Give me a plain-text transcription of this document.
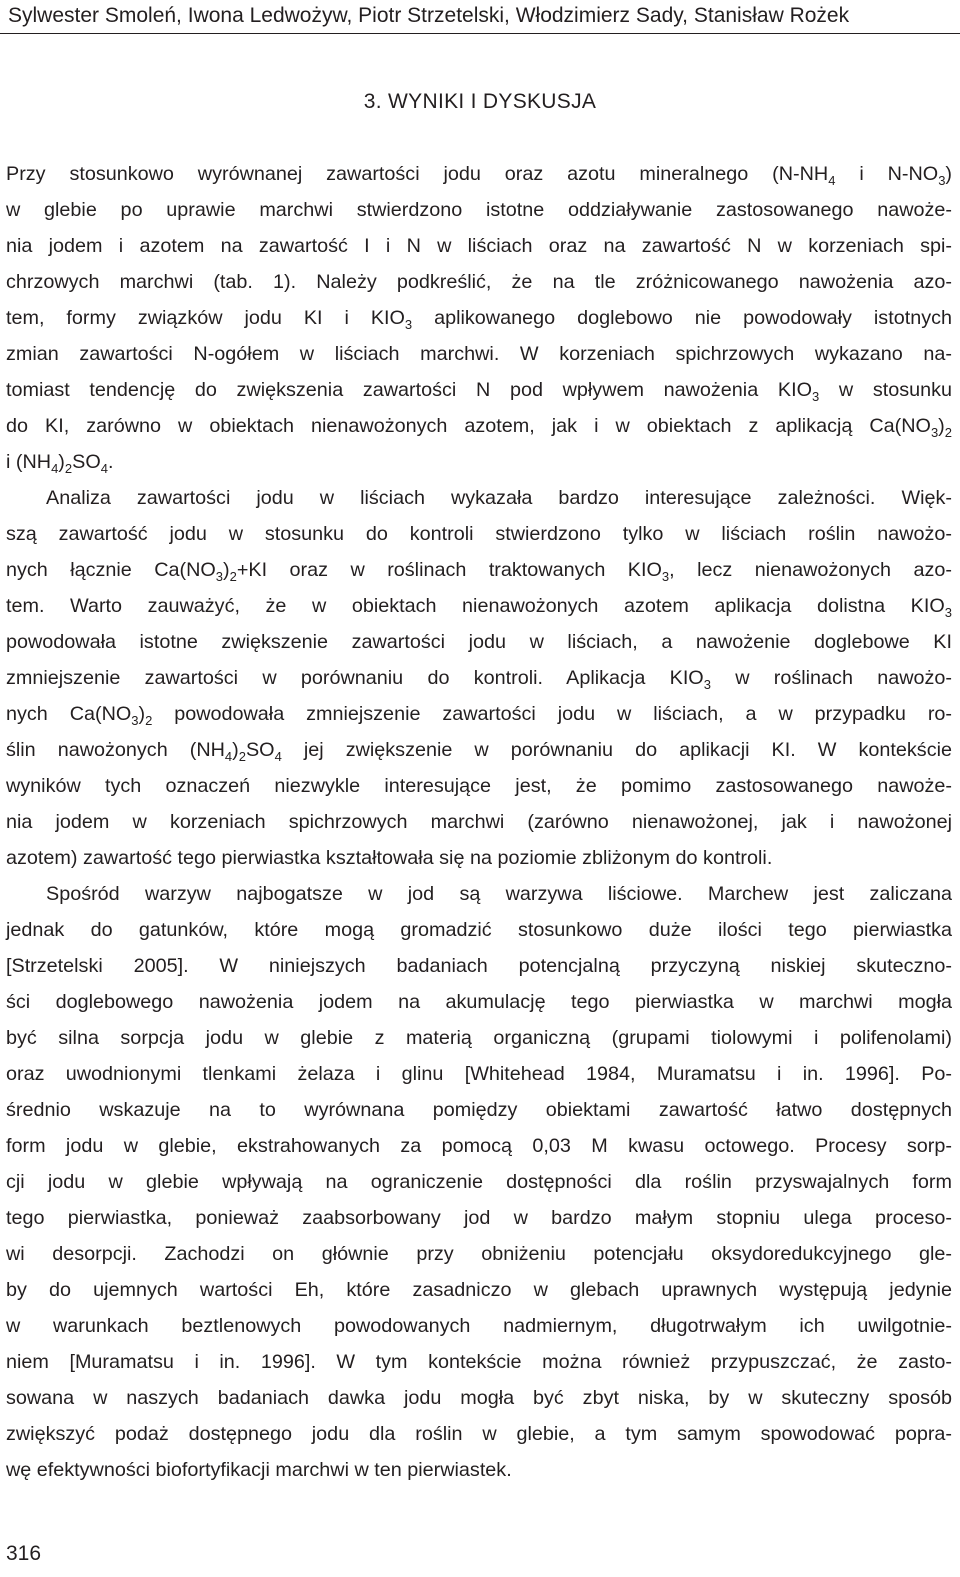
Sylwester Smoleń, Iwona Ledwożyw, Piotr Strzetelski, Włodzimierz Sady, Stanisław Rożek
3. WYNIKI I DYSKUSJA
Przy stosunkowo wyrównanej zawartości jodu oraz azotu mineralnego ($N-NH_4$ i $N-NO_3$)
w glebie po uprawie marchwi stwierdzono istotne oddziaływanie zastosowanego nawoże-
nia jodem i azotem na zawartość I i N w liściach oraz na zawartość N w korzeniach spi-
chrzowych marchwi (tab. 1). Należy podkreślić, że na tle zróżnicowanego nawożenia azo-
tem, formy związków jodu KI i $KIO_3$ aplikowanego doglebowo nie powodowały istotnych
zmian zawartości N-ogółem w liściach marchwi. W korzeniach spichrzowych wykazano na-
tomiast tendencję do zwiększenia zawartości N pod wpływem nawożenia $KIO_3$ w stosunku
do KI, zarówno w obiektach nienawożonych azotem, jak i w obiektach z aplikacją $Ca(NO_3)_2$
i $(NH_4)_2SO_4$.
Analiza zawartości jodu w liściach wykazała bardzo interesujące zależności. Więk-
szą zawartość jodu w stosunku do kontroli stwierdzono tylko w liściach roślin nawożo-
nych łącznie $Ca(NO_3)_2+KI$ oraz w roślinach traktowanych $KIO_3$, lecz nienawożonych azo-
tem. Warto zauważyć, że w obiektach nienawożonych azotem aplikacja dolistna $KIO_3$
powodowała istotne zwiększenie zawartości jodu w liściach, a nawożenie doglebowe KI
zmniejszenie zawartości w porównaniu do kontroli. Aplikacja $KIO_3$ w roślinach nawożo-
nych $Ca(NO_3)_2$ powodowała zmniejszenie zawartości jodu w liściach, a w przypadku ro-
ślin nawożonych $(NH_4)_2SO_4$ jej zwiększenie w porównaniu do aplikacji KI. W kontekście
wyników tych oznaczeń niezwykle interesujące jest, że pomimo zastosowanego nawoże-
nia jodem w korzeniach spichrzowych marchwi (zarówno nienawożonej, jak i nawożonej
azotem) zawartość tego pierwiastka kształtowała się na poziomie zbliżonym do kontroli.
Spośród warzyw najbogatsze w jod są warzywa liściowe. Marchew jest zaliczana
jednak do gatunków, które mogą gromadzić stosunkowo duże ilości tego pierwiastka
[Strzetelski 2005]. W niniejszych badaniach potencjalną przyczyną niskiej skuteczno-
ści doglebowego nawożenia jodem na akumulację tego pierwiastka w marchwi mogła
być silna sorpcja jodu w glebie z materią organiczną (grupami tiolowymi i polifenolami)
oraz uwodnionymi tlenkami żelaza i glinu [Whitehead 1984, Muramatsu i in. 1996]. Po-
średnio wskazuje na to wyrównana pomiędzy obiektami zawartość łatwo dostępnych
form jodu w glebie, ekstrahowanych za pomocą 0,03 M kwasu octowego. Procesy sorp-
cji jodu w glebie wpływają na ograniczenie dostępności dla roślin przyswajalnych form
tego pierwiastka, ponieważ zaabsorbowany jod w bardzo małym stopniu ulega proceso-
wi desorpcji. Zachodzi on głównie przy obniżeniu potencjału oksydoredukcyjnego gle-
by do ujemnych wartości Eh, które zasadniczo w glebach uprawnych występują jedynie
w warunkach beztlenowych powodowanych nadmiernym, długotrwałym ich uwilgotnie-
niem [Muramatsu i in. 1996]. W tym kontekście można również przypuszczać, że zasto-
sowana w naszych badaniach dawka jodu mogła być zbyt niska, by w skuteczny sposób
zwiększyć podaż dostępnego jodu dla roślin w glebie, a tym samym spowodować popra-
wę efektywności biofortyfikacji marchwi w ten pierwiastek.
316
